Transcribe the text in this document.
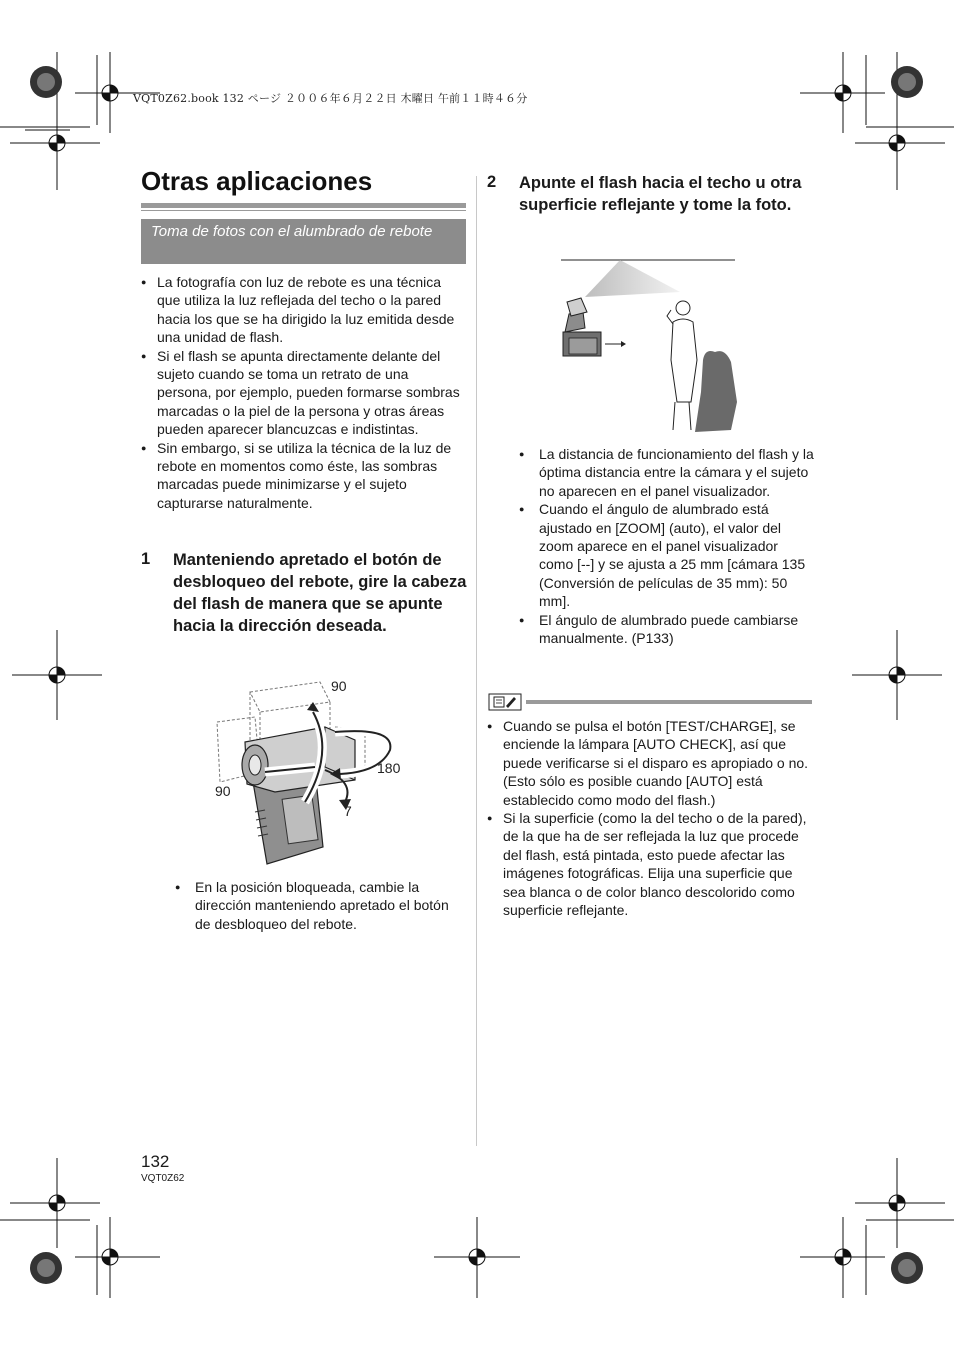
VQT0Z62.book 132 ページ ２００６年６月２２日 木曜日 午前１１時４６分
Otras aplicaciones
Toma de fotos con el alumbrado de rebote
● La fotografía con luz de rebote es una técnica que utiliza la luz reflejada del techo o la pared hacia los que se ha dirigido la luz emitida desde una unidad de flash.
● Si el flash se apunta directamente delante del sujeto cuando se toma un retrato de una persona, por ejemplo, pueden formarse sombras marcadas o la piel de la persona y otras áreas pueden aparecer blancuzcas e indistintas.
● Sin embargo, si se utiliza la técnica de la luz de rebote en momentos como éste, las sombras marcadas puede minimizarse y el sujeto capturarse naturalmente.
1 Manteniendo apretado el botón de desbloqueo del rebote, gire la cabeza del flash de manera que se apunte hacia la dirección deseada.
90
90
180
7
● En la posición bloqueada, cambie la dirección manteniendo apretado el botón de desbloqueo del rebote.
2 Apunte el flash hacia el techo u otra superficie reflejante y tome la foto.
● La distancia de funcionamiento del flash y la óptima distancia entre la cámara y el sujeto no aparecen en el panel visualizador.
● Cuando el ángulo de alumbrado está ajustado en [ZOOM] (auto), el valor del zoom aparece en el panel visualizador como [--] y se ajusta a 25 mm [cámara 135 (Conversión de películas de 35 mm): 50 mm].
● El ángulo de alumbrado puede cambiarse manualmente. (P133)
● Cuando se pulsa el botón [TEST/CHARGE], se enciende la lámpara [AUTO CHECK], así que puede verificarse si el disparo es apropiado o no. (Esto sólo es posible cuando [AUTO] está establecido como modo del flash.)
● Si la superficie (como la del techo o de la pared), de la que ha de ser reflejada la luz que procede del flash, está pintada, esto puede afectar las imágenes fotográficas. Elija una superficie que sea blanca o de color blanco descolorido como superficie reflejante.
132
VQT0Z62
